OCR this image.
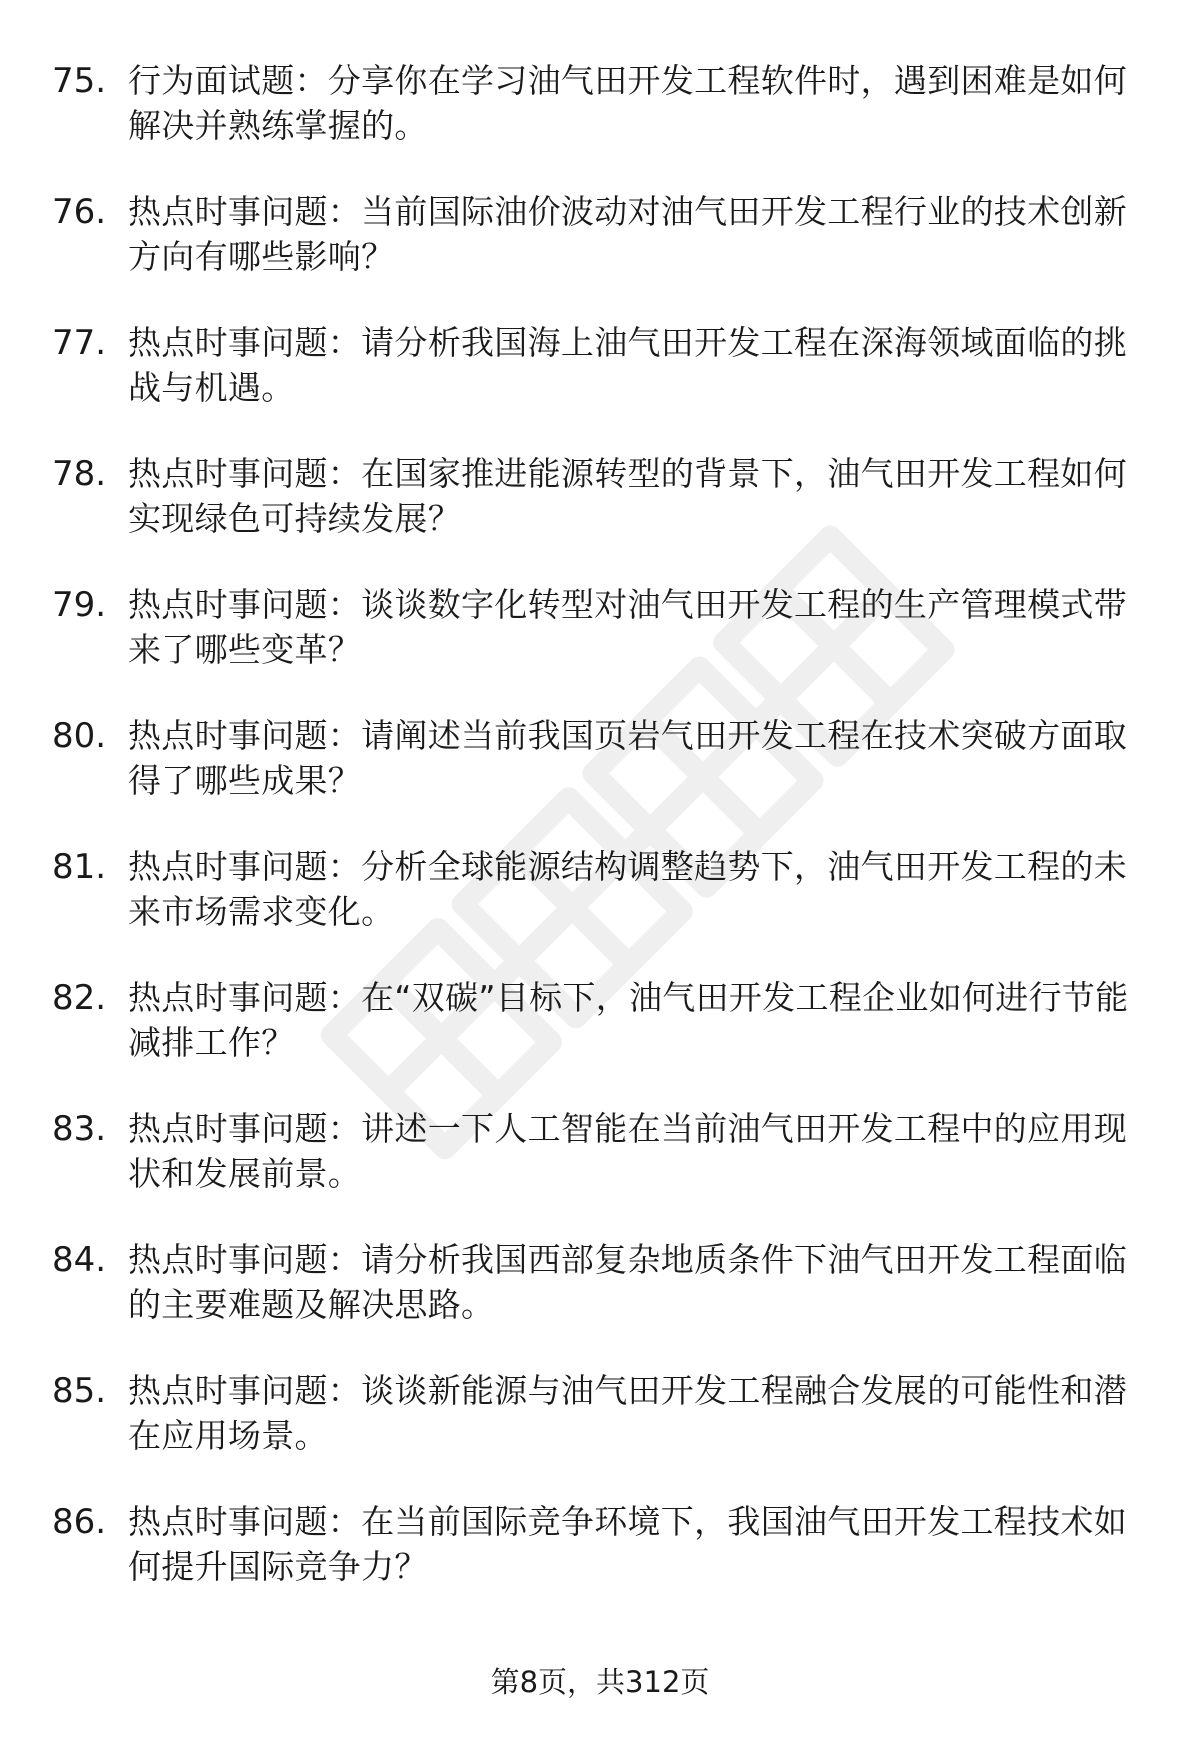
75. 行为面试题：分享你在学习油气田开发工程软件时，遇到困难是如何解决并熟练掌握的。
76. 热点时事问题：当前国际油价波动对油气田开发工程行业的技术创新方向有哪些影响？
77. 热点时事问题：请分析我国海上油气田开发工程在深海领域面临的挑战与机遇。
78. 热点时事问题：在国家推进能源转型的背景下，油气田开发工程如何实现绿色可持续发展？
79. 热点时事问题：谈谈数字化转型对油气田开发工程的生产管理模式带来了哪些变革？
80. 热点时事问题：请阐述当前我国页岩气田开发工程在技术突破方面取得了哪些成果？
81. 热点时事问题：分析全球能源结构调整趋势下，油气田开发工程的未来市场需求变化。
82. 热点时事问题：在“双碳”目标下，油气田开发工程企业如何进行节能减排工作？
83. 热点时事问题：讲述一下人工智能在当前油气田开发工程中的应用现状和发展前景。
84. 热点时事问题：请分析我国西部复杂地质条件下油气田开发工程面临的主要难题及解决思路。
85. 热点时事问题：谈谈新能源与油气田开发工程融合发展的可能性和潜在应用场景。
86. 热点时事问题：在当前国际竞争环境下，我国油气田开发工程技术如何提升国际竞争力？
第8页，共312页
